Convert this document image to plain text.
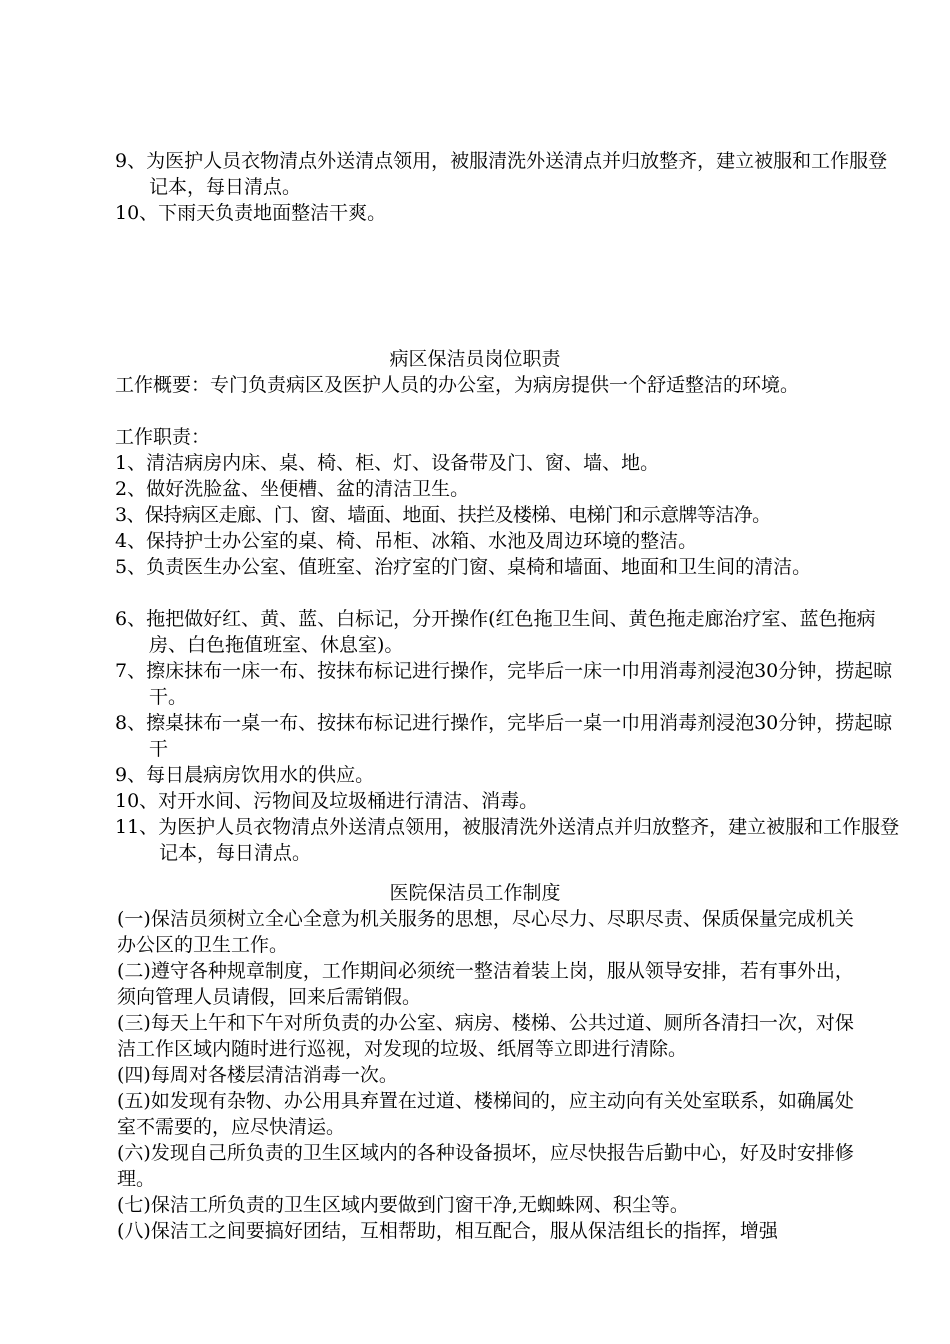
9、为医护人员衣物清点外送清点领用，被服清洗外送清点并归放整齐，建立被服和工作服登记本，每日清点。

10、下雨天负责地面整洁干爽。

病区保洁员岗位职责

工作概要：专门负责病区及医护人员的办公室，为病房提供一个舒适整洁的环境。

工作职责：

1、清洁病房内床、桌、椅、柜、灯、设备带及门、窗、墙、地。

2、做好洗脸盆、坐便槽、盆的清洁卫生。

3、保持病区走廊、门、窗、墙面、地面、扶拦及楼梯、电梯门和示意牌等洁净。

4、保持护士办公室的桌、椅、吊柜、冰箱、水池及周边环境的整洁。

5、负责医生办公室、值班室、治疗室的门窗、桌椅和墙面、地面和卫生间的清洁。

6、拖把做好红、黄、蓝、白标记，分开操作(红色拖卫生间、黄色拖走廊治疗室、蓝色拖病房、白色拖值班室、休息室)。

7、擦床抹布一床一布、按抹布标记进行操作，完毕后一床一巾用消毒剂浸泡30分钟，捞起晾干。

8、擦桌抹布一桌一布、按抹布标记进行操作，完毕后一桌一巾用消毒剂浸泡30分钟，捞起晾干

9、每日晨病房饮用水的供应。

10、对开水间、污物间及垃圾桶进行清洁、消毒。

11、为医护人员衣物清点外送清点领用，被服清洗外送清点并归放整齐，建立被服和工作服登记本，每日清点。

医院保洁员工作制度

(一)保洁员须树立全心全意为机关服务的思想，尽心尽力、尽职尽责、保质保量完成机关办公区的卫生工作。

(二)遵守各种规章制度，工作期间必须统一整洁着装上岗，服从领导安排，若有事外出，须向管理人员请假，回来后需销假。

(三)每天上午和下午对所负责的办公室、病房、楼梯、公共过道、厕所各清扫一次，对保洁工作区域内随时进行巡视，对发现的垃圾、纸屑等立即进行清除。

(四)每周对各楼层清洁消毒一次。

(五)如发现有杂物、办公用具弃置在过道、楼梯间的，应主动向有关处室联系，如确属处室不需要的，应尽快清运。

(六)发现自己所负责的卫生区域内的各种设备损坏，应尽快报告后勤中心，好及时安排修理。

(七)保洁工所负责的卫生区域内要做到门窗干净,无蜘蛛网、积尘等。

(八)保洁工之间要搞好团结，互相帮助，相互配合，服从保洁组长的指挥，增强
